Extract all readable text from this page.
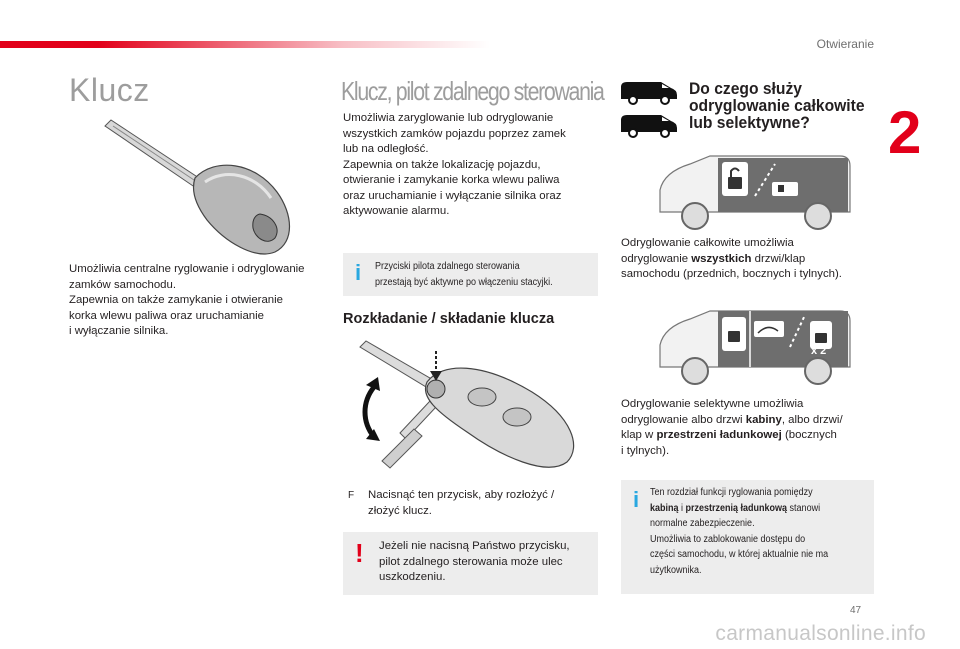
Otwieranie
2
Klucz
Umożliwia centralne ryglowanie i odryglowanie
zamków samochodu.
Zapewnia on także zamykanie i otwieranie
korka wlewu paliwa oraz uruchamianie
i wyłączanie silnika.
Klucz, pilot zdalnego sterowania
Umożliwia zaryglowanie lub odryglowanie
wszystkich zamków pojazdu poprzez zamek
lub na odległość.
Zapewnia on także lokalizację pojazdu,
otwieranie i zamykanie korka wlewu paliwa
oraz uruchamianie i wyłączanie silnika oraz
aktywowanie alarmu.
i Przyciski pilota zdalnego sterowania
przestają być aktywne po włączeniu stacyjki.
Rozkładanie / składanie klucza
F Nacisnąć ten przycisk, aby rozłożyć /
złożyć klucz.
! Jeżeli nie nacisną Państwo przycisku,
pilot zdalnego sterowania może ulec
uszkodzeniu.
Do czego służy
odryglowanie całkowite
lub selektywne?
Odryglowanie całkowite umożliwia
odryglowanie wszystkich drzwi/klap
samochodu (przednich, bocznych i tylnych).
x 2
Odryglowanie selektywne umożliwia
odryglowanie albo drzwi kabiny, albo drzwi/
klap w przestrzeni ładunkowej (bocznych
i tylnych).
i Ten rozdział funkcji ryglowania pomiędzy
kabiną i przestrzenią ładunkową stanowi
normalne zabezpieczenie.
Umożliwia to zablokowanie dostępu do
części samochodu, w której aktualnie nie ma
użytkownika.
47
carmanualsonline.info
